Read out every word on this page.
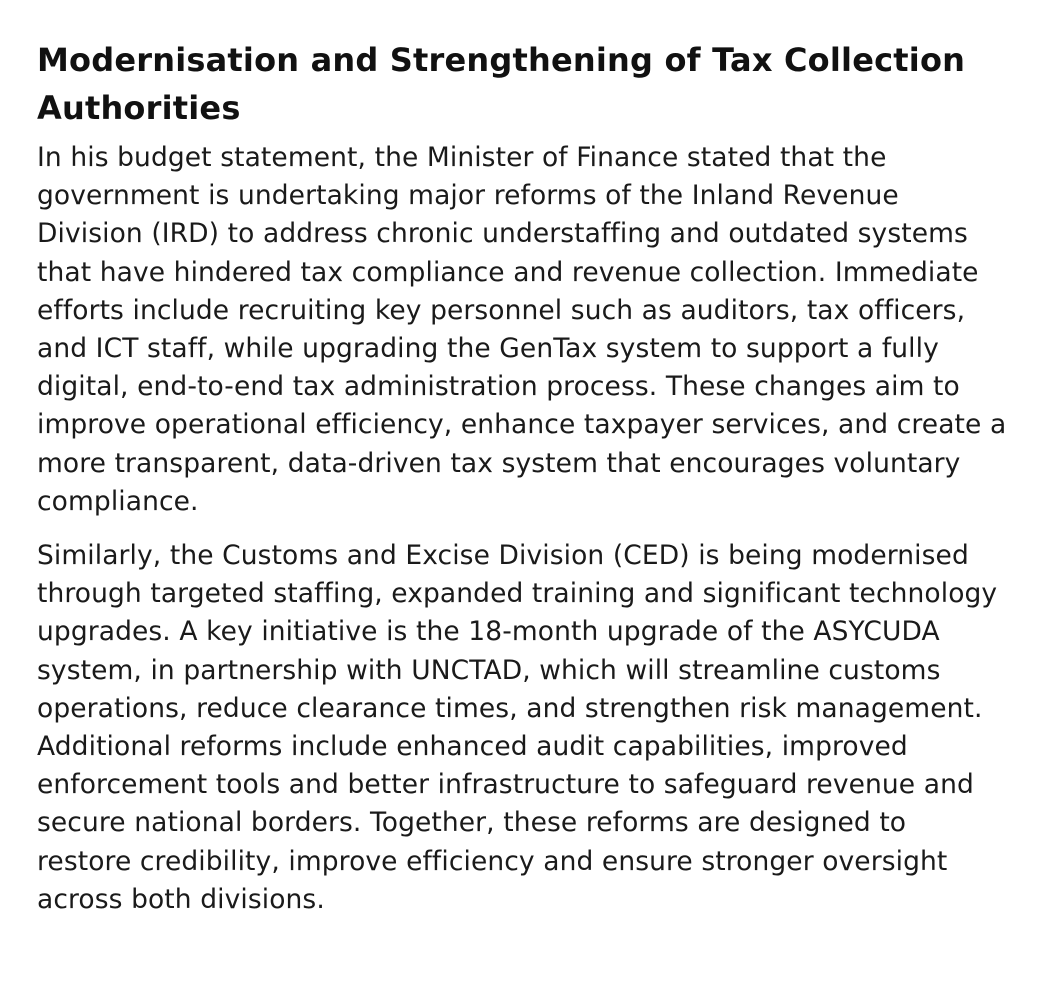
Modernisation and Strengthening of Tax Collection Authorities

In his budget statement, the Minister of Finance stated that the government is undertaking major reforms of the Inland Revenue Division (IRD) to address chronic understaffing and outdated systems that have hindered tax compliance and revenue collection. Immediate efforts include recruiting key personnel such as auditors, tax officers, and ICT staff, while upgrading the GenTax system to support a fully digital, end-to-end tax administration process. These changes aim to improve operational efficiency, enhance taxpayer services, and create a more transparent, data-driven tax system that encourages voluntary compliance.

Similarly, the Customs and Excise Division (CED) is being modernised through targeted staffing, expanded training and significant technology upgrades. A key initiative is the 18-month upgrade of the ASYCUDA system, in partnership with UNCTAD, which will streamline customs operations, reduce clearance times, and strengthen risk management. Additional reforms include enhanced audit capabilities, improved enforcement tools and better infrastructure to safeguard revenue and secure national borders. Together, these reforms are designed to restore credibility, improve efficiency and ensure stronger oversight across both divisions.
